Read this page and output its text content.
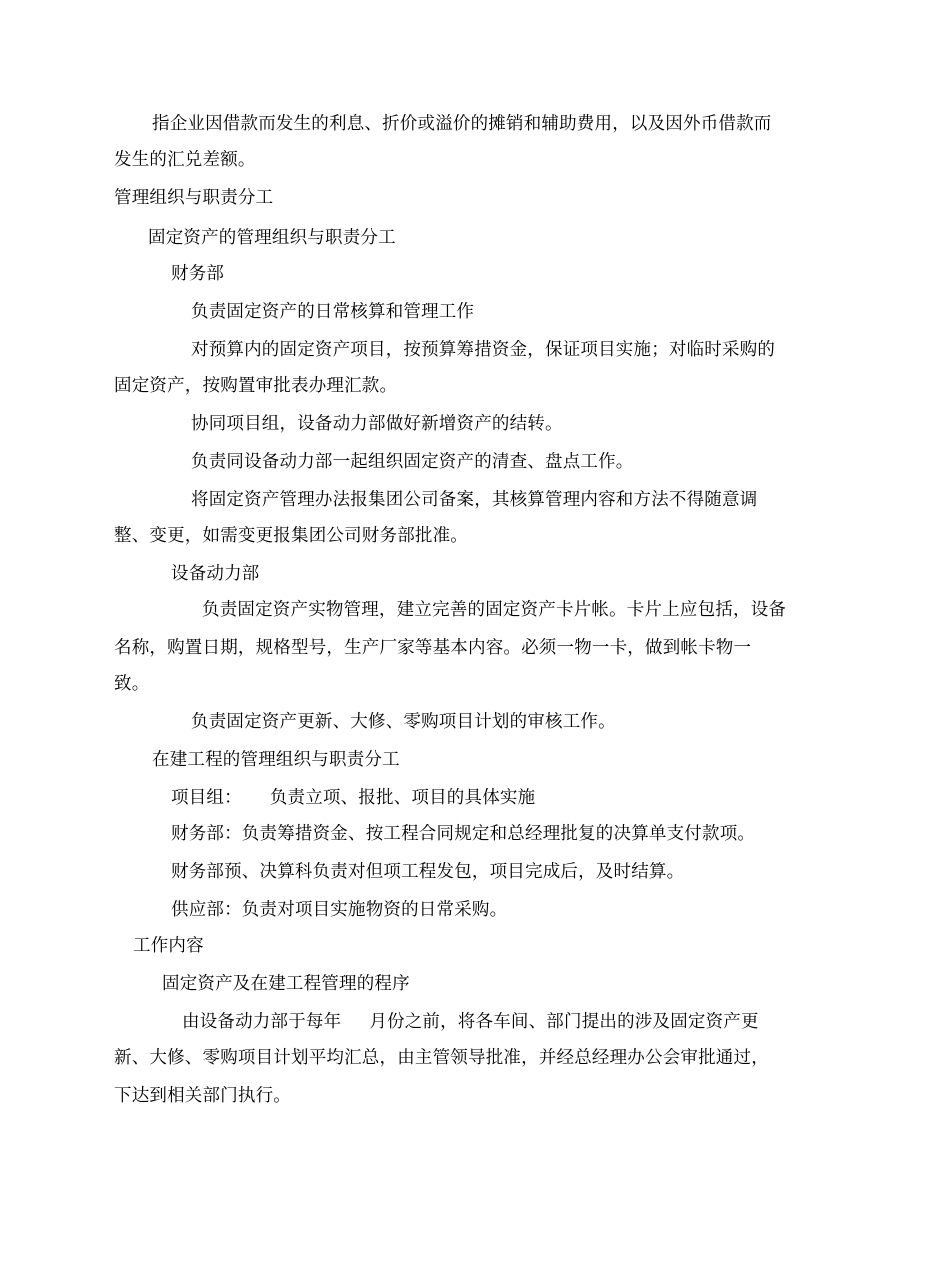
指企业因借款而发生的利息、折价或溢价的摊销和辅助费用，以及因外币借款而
发生的汇兑差额。
管理组织与职责分工
固定资产的管理组织与职责分工
财务部
负责固定资产的日常核算和管理工作
对预算内的固定资产项目，按预算筹措资金，保证项目实施；对临时采购的
固定资产，按购置审批表办理汇款。
协同项目组，设备动力部做好新增资产的结转。
负责同设备动力部一起组织固定资产的清查、盘点工作。
将固定资产管理办法报集团公司备案，其核算管理内容和方法不得随意调
整、变更，如需变更报集团公司财务部批准。
设备动力部
负责固定资产实物管理，建立完善的固定资产卡片帐。卡片上应包括，设备
名称，购置日期，规格型号，生产厂家等基本内容。必须一物一卡，做到帐卡物一
致。
负责固定资产更新、大修、零购项目计划的审核工作。
在建工程的管理组织与职责分工
项目组： 负责立项、报批、项目的具体实施
财务部：负责筹措资金、按工程合同规定和总经理批复的决算单支付款项。
财务部预、决算科负责对但项工程发包，项目完成后，及时结算。
供应部：负责对项目实施物资的日常采购。
工作内容
固定资产及在建工程管理的程序
由设备动力部于每年 月份之前，将各车间、部门提出的涉及固定资产更
新、大修、零购项目计划平均汇总，由主管领导批准，并经总经理办公会审批通过，
下达到相关部门执行。
